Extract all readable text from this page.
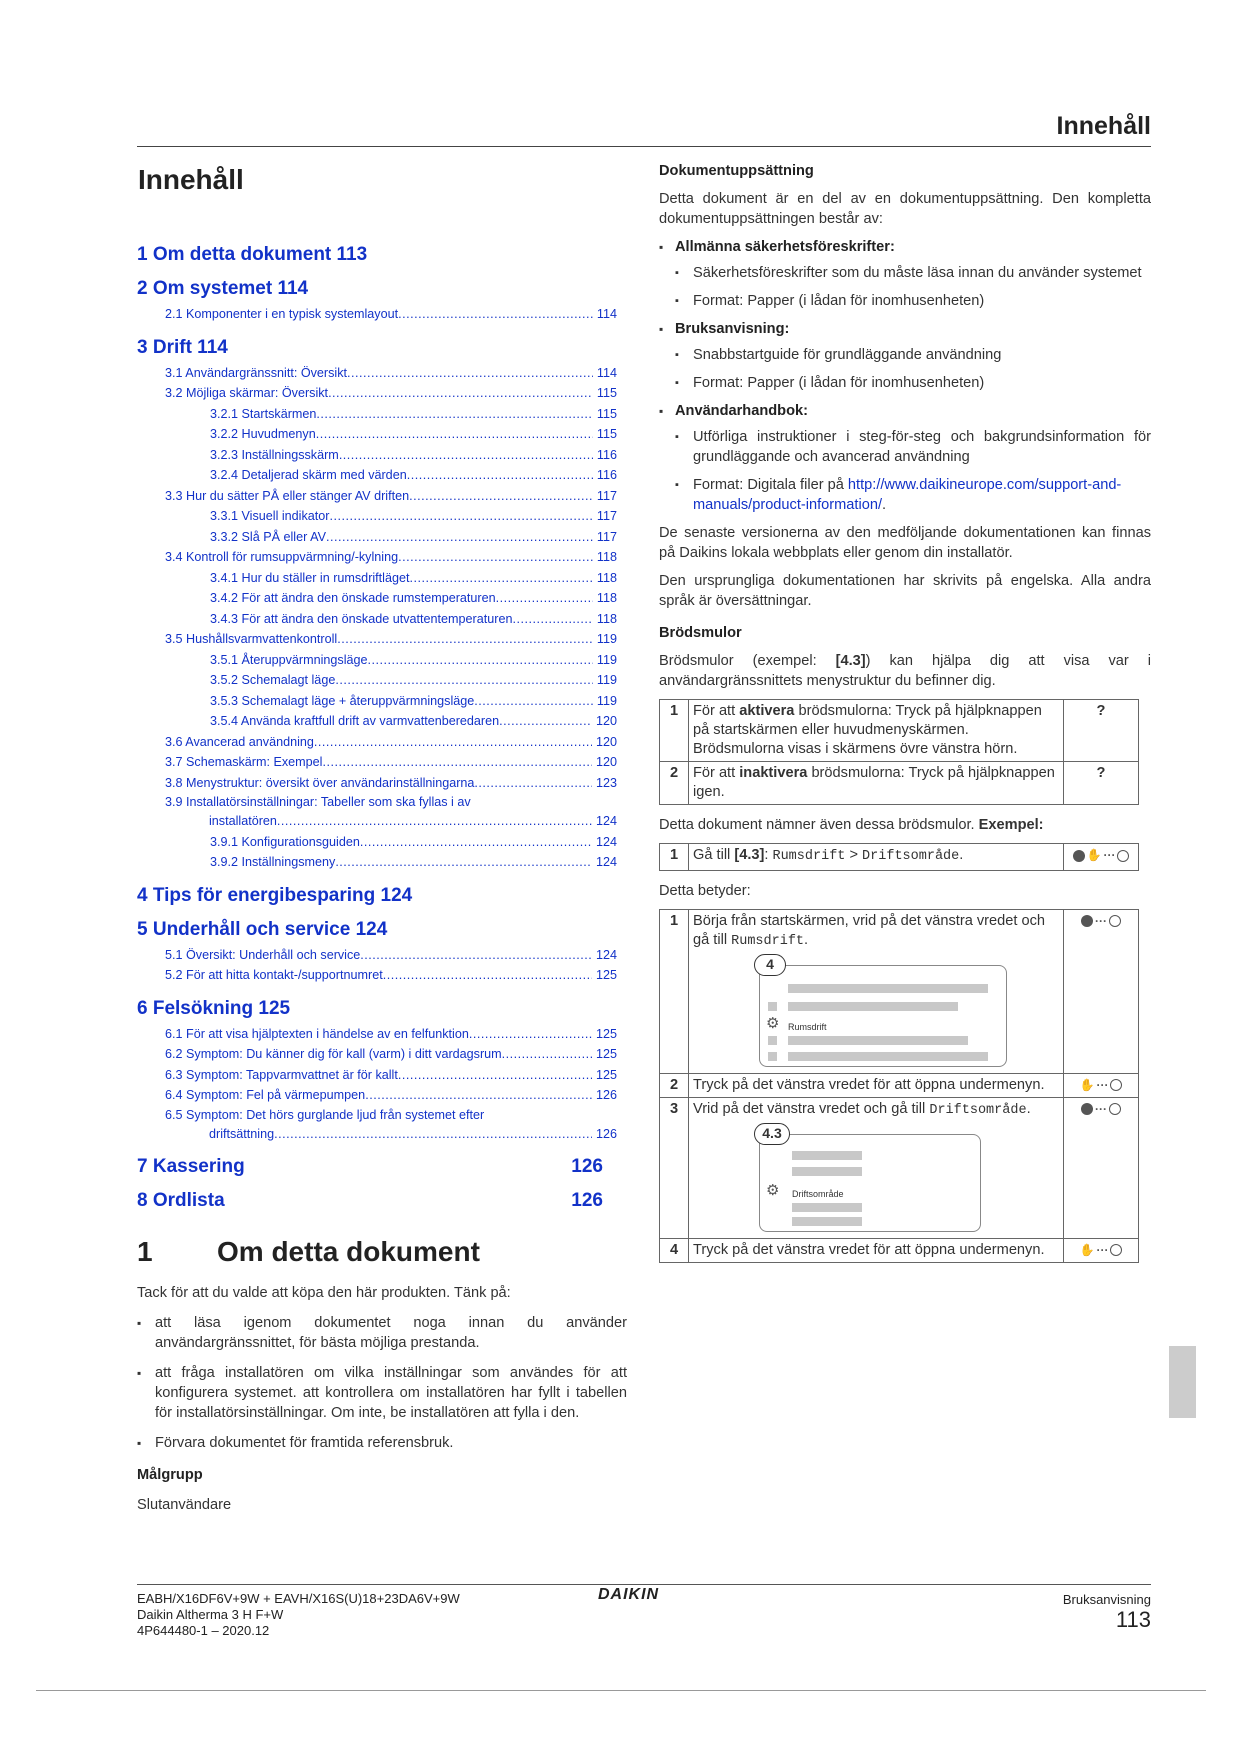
Innehåll
Innehåll
1 Om detta dokument 113
2 Om systemet 114
2.1 Komponenter i en typisk systemlayout .....	114
3 Drift 114
3.1 Användargränssnitt: Översikt .....	114
3.2 Möjliga skärmar: Översikt .....	115
3.2.1 Startskärmen .....	115
3.2.2 Huvudmenyn .....	115
3.2.3 Inställningsskärm .....	116
3.2.4 Detaljerad skärm med värden .....	116
3.3 Hur du sätter PÅ eller stänger AV driften .....	117
3.3.1 Visuell indikator .....	117
3.3.2 Slå PÅ eller AV .....	117
3.4 Kontroll för rumsuppvärmning/-kylning .....	118
3.4.1 Hur du ställer in rumsdriftläget .....	118
3.4.2 För att ändra den önskade rumstemperaturen .....	118
3.4.3 För att ändra den önskade utvattentemperaturen .....	118
3.5 Hushållsvarmvattenkontroll .....	119
3.5.1 Återuppvärmningsläge .....	119
3.5.2 Schemalagt läge .....	119
3.5.3 Schemalagt läge + återuppvärmningsläge .....	119
3.5.4 Använda kraftfull drift av varmvattenberedaren .....	120
3.6 Avancerad användning .....	120
3.7 Schemaskärm: Exempel .....	120
3.8 Menystruktur: översikt över användarinställningarna .....	123
3.9 Installatörsinställningar: Tabeller som ska fyllas i av
installatören .....	124
3.9.1 Konfigurationsguiden .....	124
3.9.2 Inställningsmeny .....	124
4 Tips för energibesparing 124
5 Underhåll och service 124
5.1 Översikt: Underhåll och service .....	124
5.2 För att hitta kontakt-/supportnumret .....	125
6 Felsökning 125
6.1 För att visa hjälptexten i händelse av en felfunktion .....	125
6.2 Symptom: Du känner dig för kall (varm) i ditt vardagsrum .....	125
6.3 Symptom: Tappvarmvattnet är för kallt .....	125
6.4 Symptom: Fel på värmepumpen .....	126
6.5 Symptom: Det hörs gurglande ljud från systemet efter
driftsättning .....	126
7 Kassering	126
8 Ordlista	126
1 Om detta dokument

Tack för att du valde att köpa den här produkten. Tänk på:

▪ att läsa igenom dokumentet noga innan du använder användargränssnittet, för bästa möjliga prestanda.
▪ att fråga installatören om vilka inställningar som användes för att konfigurera systemet. att kontrollera om installatören har fyllt i tabellen för installatörsinställningar. Om inte, be installatören att fylla i den.
▪ Förvara dokumentet för framtida referensbruk.

Målgrupp

Slutanvändare

Dokumentuppsättning

Detta dokument är en del av en dokumentuppsättning. Den kompletta dokumentuppsättningen består av:

▪ Allmänna säkerhetsföreskrifter:
▪ Säkerhetsföreskrifter som du måste läsa innan du använder systemet
▪ Format: Papper (i lådan för inomhusenheten)
▪ Bruksanvisning:
▪ Snabbstartguide för grundläggande användning
▪ Format: Papper (i lådan för inomhusenheten)
▪ Användarhandbok:
▪ Utförliga instruktioner i steg-för-steg och bakgrundsinformation för grundläggande och avancerad användning
▪ Format: Digitala filer på http://www.daikineurope.com/support-and-manuals/product-information/.

De senaste versionerna av den medföljande dokumentationen kan finnas på Daikins lokala webbplats eller genom din installatör.

Den ursprungliga dokumentationen har skrivits på engelska. Alla andra språk är översättningar.

Brödsmulor

Brödsmulor (exempel: [4.3]) kan hjälpa dig att visa var i användargränssnittets menystruktur du befinner dig.

1	För att aktivera brödsmulorna: Tryck på hjälpknappen på startskärmen eller huvudmenyskärmen. Brödsmulorna visas i skärmens övre vänstra hörn.	?
2	För att inaktivera brödsmulorna: Tryck på hjälpknappen igen.	?

Detta dokument nämner även dessa brödsmulor. Exempel:

1	Gå till [4.3]: Rumsdrift > Driftsområde.	✋ ···

Detta betyder:

1	Börja från startskärmen, vrid på det vänstra vredet och gå till Rumsdrift.
4
⚙ Rumsdrift	···

2	Tryck på det vänstra vredet för att öppna undermenyn.	✋ ···

3	Vrid på det vänstra vredet och gå till Driftsområde.
4.3
⚙ Driftsområde	···

4	Tryck på det vänstra vredet för att öppna undermenyn.	✋ ···
EABH/X16DF6V+9W + EAVH/X16S(U)18+23DA6V+9W
Daikin Altherma 3 H F+W
4P644480-1 – 2020.12
DAIKIN	Bruksanvisning
113
